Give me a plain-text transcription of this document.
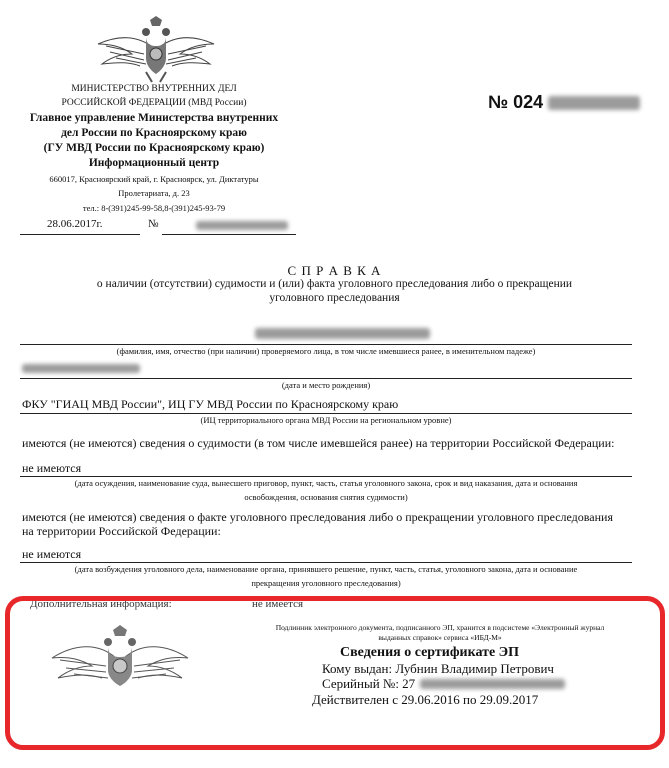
МИНИСТЕРСТВО ВНУТРЕННИХ ДЕЛ
РОССИЙСКОЙ ФЕДЕРАЦИИ (МВД России)
Главное управление Министерства внутренних
дел России по Красноярскому краю
(ГУ МВД России по Красноярскому краю)
Информационный центр
660017, Красноярский край, г. Красноярск, ул. Диктатуры
Пролетариата, д. 23
тел.: 8-(391)245-99-58,8-(391)245-93-79
28.06.2017г.	№
№ 024
С П Р А В К А
о наличии (отсутствии) судимости и (или) факта уголовного преследования либо о прекращении
уголовного преследования
(фамилия, имя, отчество (при наличии) проверяемого лица, в том числе имевшиеся ранее, в именительном падеже)
(дата и место рождения)
ФКУ "ГИАЦ МВД России", ИЦ ГУ МВД России по Красноярскому краю
(ИЦ территориального органа МВД России на региональном уровне)
имеются (не имеются) сведения о судимости (в том числе имевшейся ранее) на территории Российской Федерации:
не имеются
(дата осуждения, наименование суда, вынесшего приговор, пункт, часть, статья уголовного закона, срок и вид наказания, дата и основания
освобождения, основания снятия судимости)
имеются (не имеются) сведения о факте уголовного преследования либо о прекращении уголовного преследования
на территории Российской Федерации:
не имеются
(дата возбуждения уголовного дела, наименование органа, принявшего решение, пункт, часть, статья, уголовного закона, дата и основание
прекращения уголовного преследования)
Дополнительная информация:	не имеется
Подлинник электронного документа, подписанного ЭП, хранится в подсистеме «Электронный журнал
выданных справок» сервиса «ИБД-М»
Сведения о сертификате ЭП
Кому выдан: Лубнин Владимир Петрович
Серийный №: 27
Действителен с 29.06.2016 по 29.09.2017
